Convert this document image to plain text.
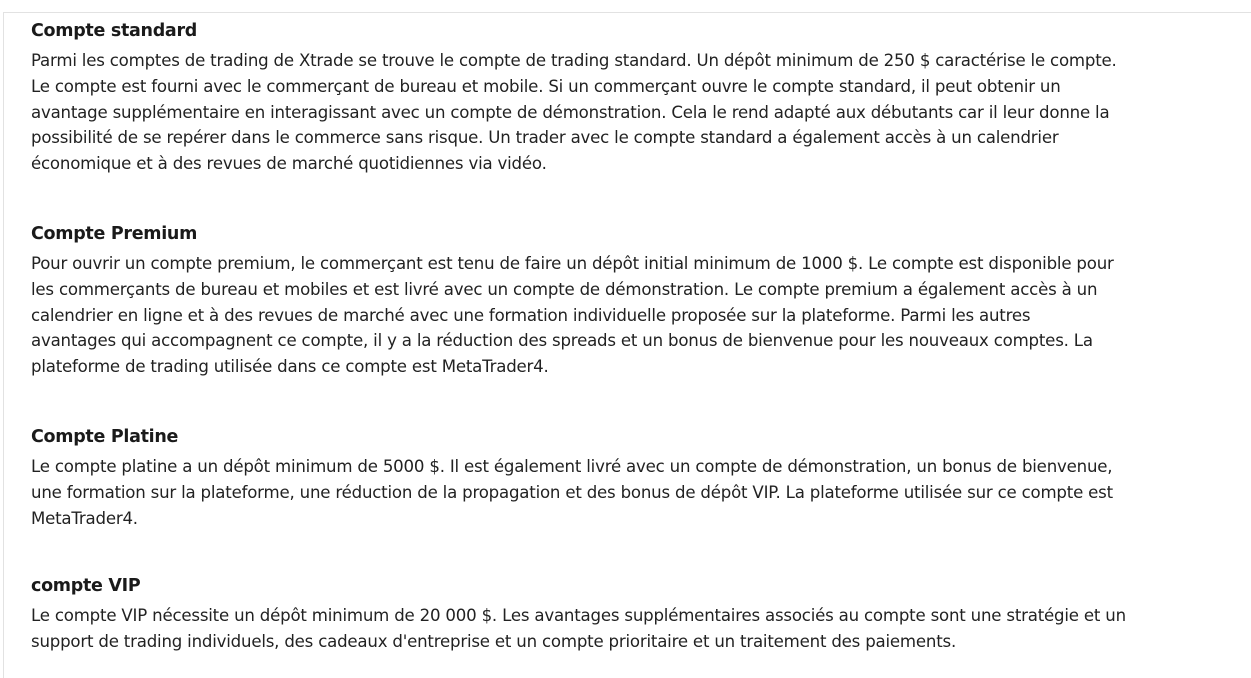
Compte standard

Parmi les comptes de trading de Xtrade se trouve le compte de trading standard. Un dépôt minimum de 250 $ caractérise le compte.
Le compte est fourni avec le commerçant de bureau et mobile. Si un commerçant ouvre le compte standard, il peut obtenir un
avantage supplémentaire en interagissant avec un compte de démonstration. Cela le rend adapté aux débutants car il leur donne la
possibilité de se repérer dans le commerce sans risque. Un trader avec le compte standard a également accès à un calendrier
économique et à des revues de marché quotidiennes via vidéo.

Compte Premium

Pour ouvrir un compte premium, le commerçant est tenu de faire un dépôt initial minimum de 1000 $. Le compte est disponible pour
les commerçants de bureau et mobiles et est livré avec un compte de démonstration. Le compte premium a également accès à un
calendrier en ligne et à des revues de marché avec une formation individuelle proposée sur la plateforme. Parmi les autres
avantages qui accompagnent ce compte, il y a la réduction des spreads et un bonus de bienvenue pour les nouveaux comptes. La
plateforme de trading utilisée dans ce compte est MetaTrader4.

Compte Platine

Le compte platine a un dépôt minimum de 5000 $. Il est également livré avec un compte de démonstration, un bonus de bienvenue,
une formation sur la plateforme, une réduction de la propagation et des bonus de dépôt VIP. La plateforme utilisée sur ce compte est
MetaTrader4.

compte VIP

Le compte VIP nécessite un dépôt minimum de 20 000 $. Les avantages supplémentaires associés au compte sont une stratégie et un
support de trading individuels, des cadeaux d'entreprise et un compte prioritaire et un traitement des paiements.
